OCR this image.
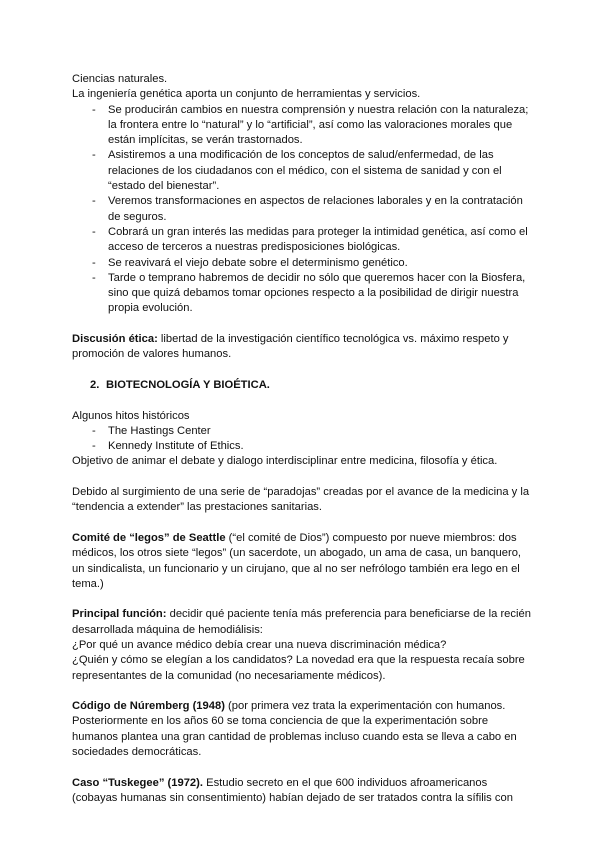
Ciencias naturales.

La ingeniería genética aporta un conjunto de herramientas y servicios.

-	Se producirán cambios en nuestra comprensión y nuestra relación con la naturaleza; la frontera entre lo “natural” y lo “artificial”, así como las valoraciones morales que están implícitas, se verán trastornados.
-	Asistiremos a una modificación de los conceptos de salud/enfermedad, de las relaciones de los ciudadanos con el médico, con el sistema de sanidad y con el “estado del bienestar”.
-	Veremos transformaciones en aspectos de relaciones laborales y en la contratación de seguros.
-	Cobrará un gran interés las medidas para proteger la intimidad genética, así como el acceso de terceros a nuestras predisposiciones biológicas.
-	Se reavivará el viejo debate sobre el determinismo genético.
-	Tarde o temprano habremos de decidir no sólo que queremos hacer con la Biosfera, sino que quizá debamos tomar opciones respecto a la posibilidad de dirigir nuestra propia evolución.

Discusión ética: libertad de la investigación científico tecnológica vs. máximo respeto y promoción de valores humanos.

2. BIOTECNOLOGÍA Y BIOÉTICA.

Algunos hitos históricos

-	The Hastings Center
-	Kennedy Institute of Ethics.

Objetivo de animar el debate y dialogo interdisciplinar entre medicina, filosofía y ética.

Debido al surgimiento de una serie de “paradojas” creadas por el avance de la medicina y la “tendencia a extender” las prestaciones sanitarias.

Comité de “legos” de Seattle (“el comité de Dios”) compuesto por nueve miembros: dos médicos, los otros siete “legos” (un sacerdote, un abogado, un ama de casa, un banquero, un sindicalista, un funcionario y un cirujano, que al no ser nefrólogo también era lego en el tema.)

Principal función: decidir qué paciente tenía más preferencia para beneficiarse de la recién desarrollada máquina de hemodiálisis:

¿Por qué un avance médico debía crear una nueva discriminación médica?

¿Quién y cómo se elegían a los candidatos? La novedad era que la respuesta recaía sobre representantes de la comunidad (no necesariamente médicos).

Código de Núremberg (1948) (por primera vez trata la experimentación con humanos. Posteriormente en los años 60 se toma conciencia de que la experimentación sobre humanos plantea una gran cantidad de problemas incluso cuando esta se lleva a cabo en sociedades democráticas.

Caso “Tuskegee” (1972). Estudio secreto en el que 600 individuos afroamericanos (cobayas humanas sin consentimiento) habían dejado de ser tratados contra la sífilis con
